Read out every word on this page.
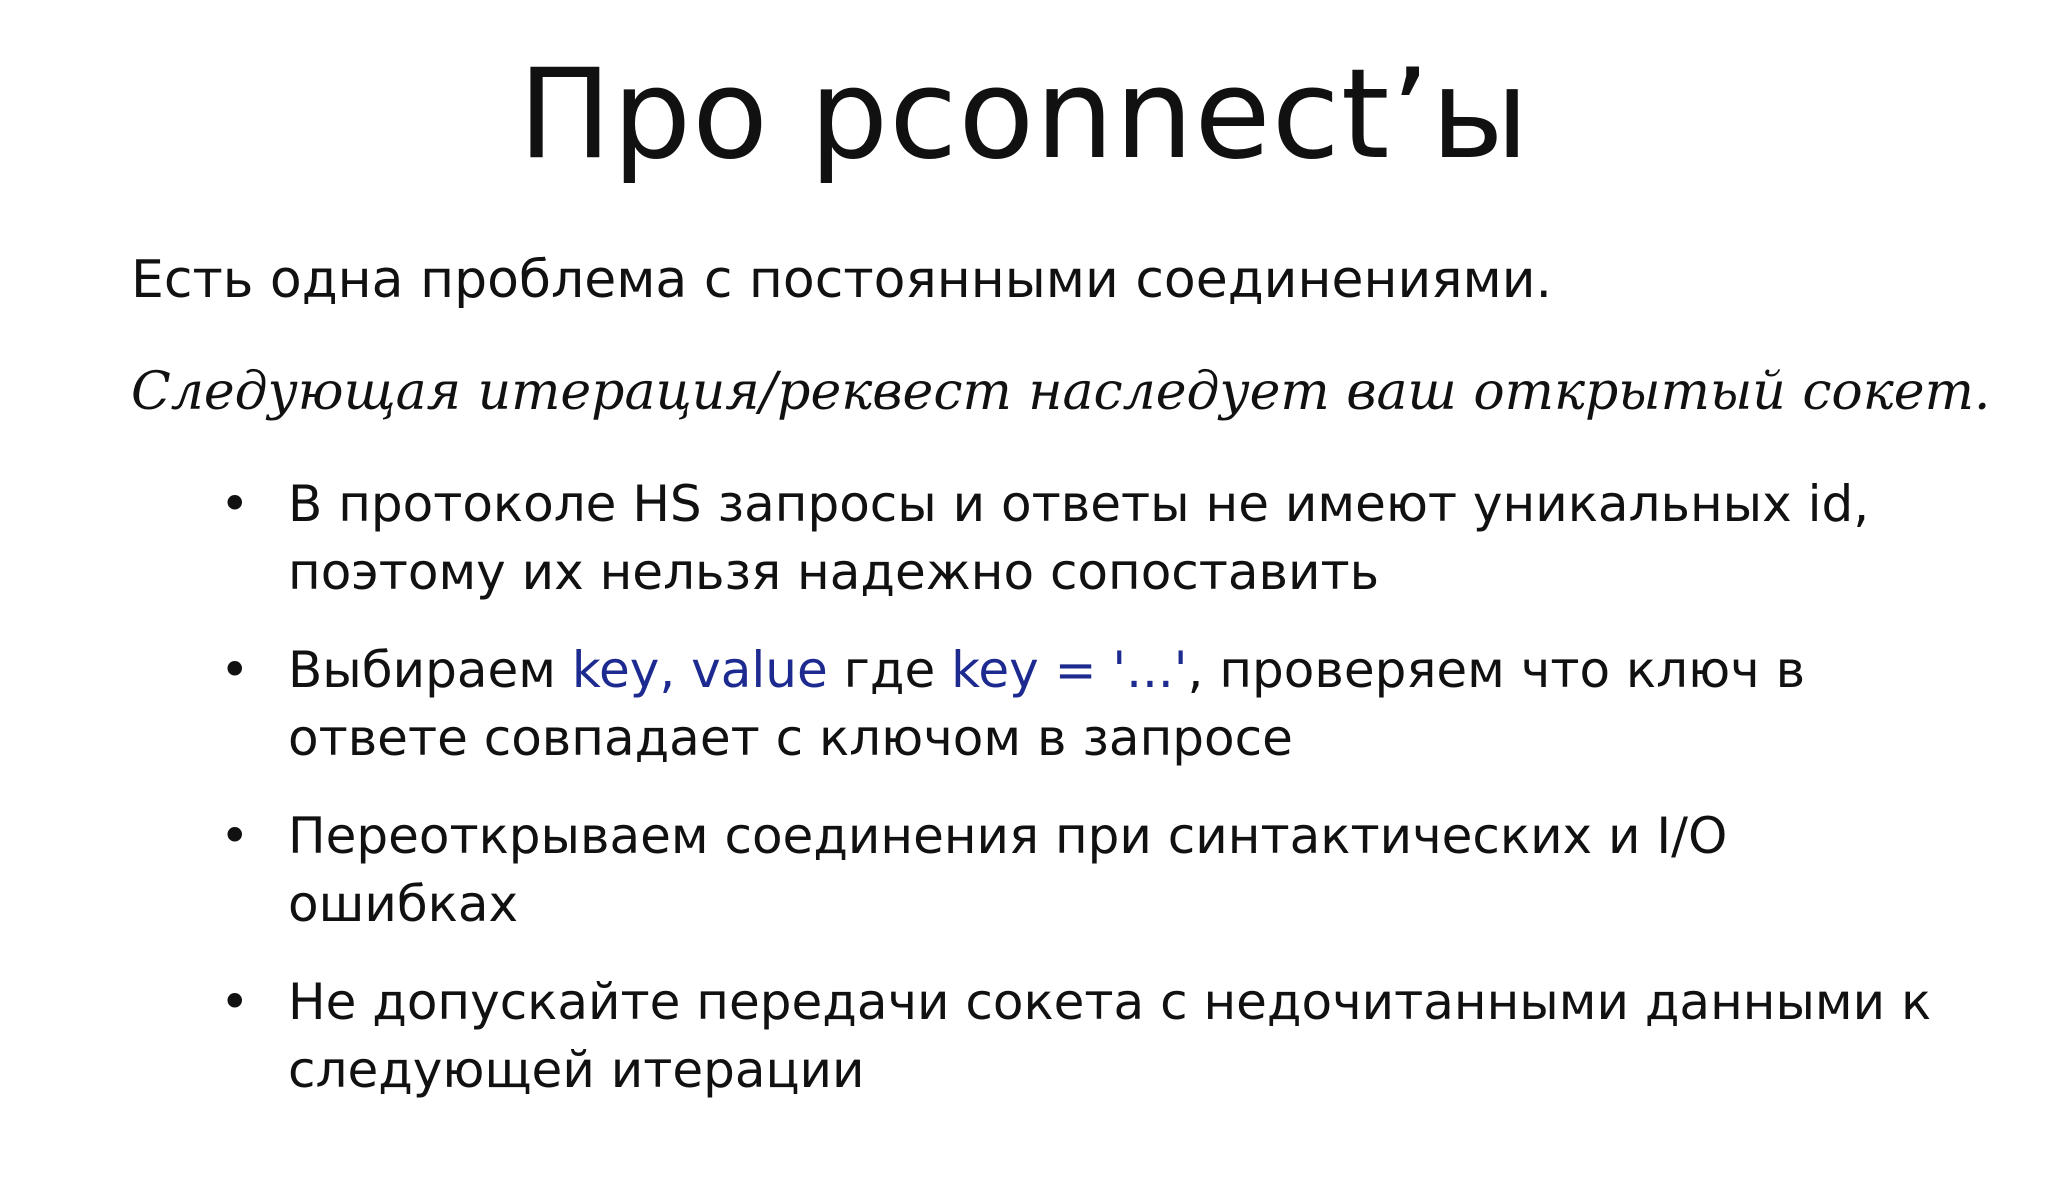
Про pconnect’ы
Есть одна проблема с постоянными соединениями.
Следующая итерация/реквест наследует ваш открытый сокет.
• В протоколе HS запросы и ответы не имеют уникальных id,
поэтому их нельзя надежно сопоставить
• Выбираем key, value где key = '...', проверяем что ключ в
ответе совпадает с ключом в запросе
• Переоткрываем соединения при синтактических и I/O
ошибках
• Не допускайте передачи сокета с недочитанными данными к
следующей итерации
